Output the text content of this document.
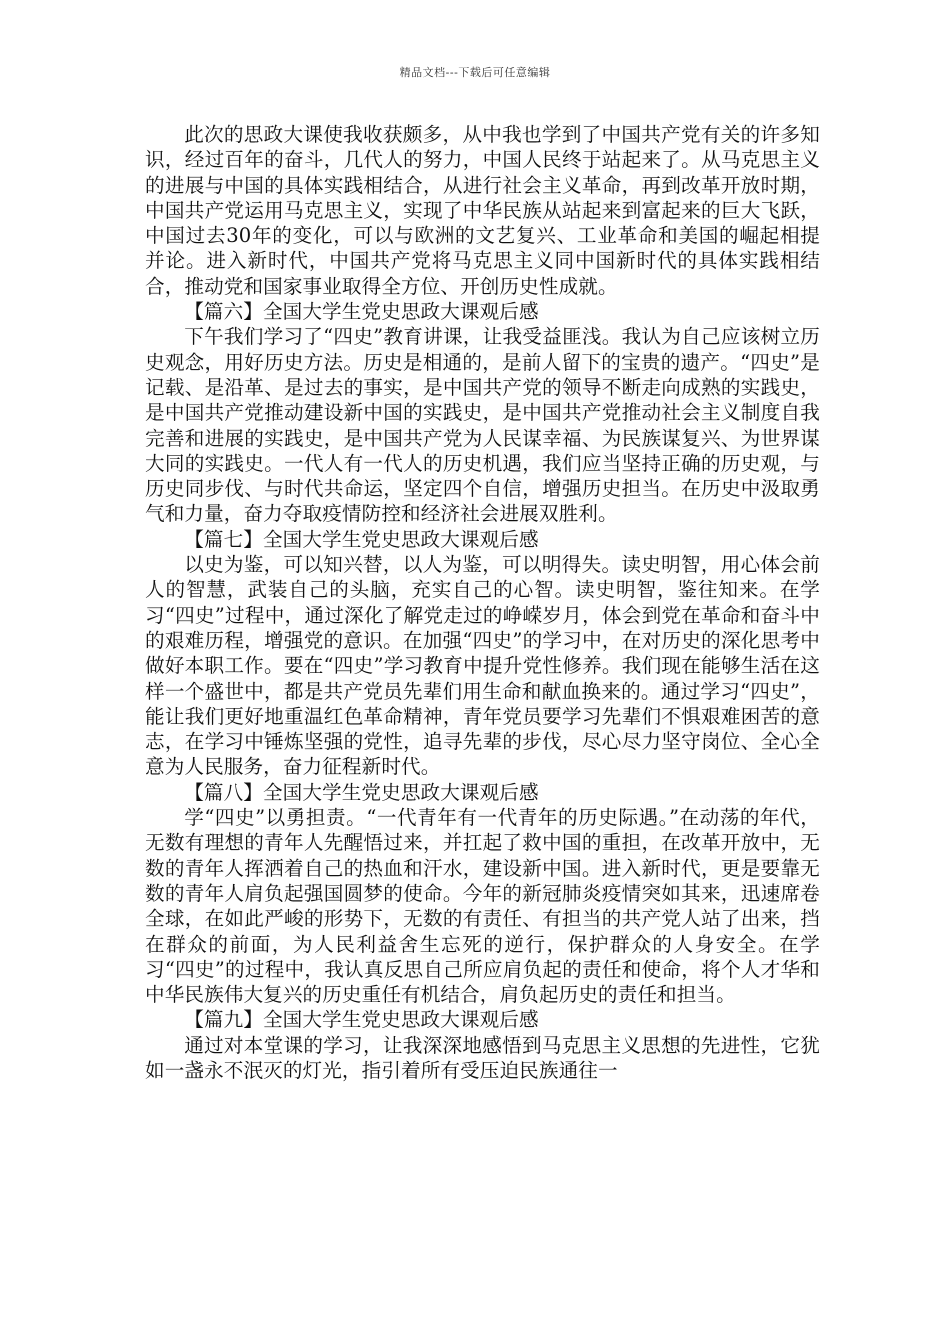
精品文档---下载后可任意编辑

此次的思政大课使我收获颇多，从中我也学到了中国共产党有关的许多知识，经过百年的奋斗，几代人的努力，中国人民终于站起来了。从马克思主义的进展与中国的具体实践相结合，从进行社会主义革命，再到改革开放时期，中国共产党运用马克思主义，实现了中华民族从站起来到富起来的巨大飞跃，中国过去30年的变化，可以与欧洲的文艺复兴、工业革命和美国的崛起相提并论。进入新时代，中国共产党将马克思主义同中国新时代的具体实践相结合，推动党和国家事业取得全方位、开创历史性成就。

【篇六】全国大学生党史思政大课观后感

下午我们学习了“四史”教育讲课，让我受益匪浅。我认为自己应该树立历史观念，用好历史方法。历史是相通的，是前人留下的宝贵的遗产。“四史”是记载、是沿革、是过去的事实，是中国共产党的领导不断走向成熟的实践史，是中国共产党推动建设新中国的实践史，是中国共产党推动社会主义制度自我完善和进展的实践史，是中国共产党为人民谋幸福、为民族谋复兴、为世界谋大同的实践史。一代人有一代人的历史机遇，我们应当坚持正确的历史观，与历史同步伐、与时代共命运，坚定四个自信，增强历史担当。在历史中汲取勇气和力量，奋力夺取疫情防控和经济社会进展双胜利。

【篇七】全国大学生党史思政大课观后感

以史为鉴，可以知兴替，以人为鉴，可以明得失。读史明智，用心体会前人的智慧，武装自己的头脑，充实自己的心智。读史明智，鉴往知来。在学习“四史”过程中，通过深化了解党走过的峥嵘岁月，体会到党在革命和奋斗中的艰难历程，增强党的意识。在加强“四史”的学习中，在对历史的深化思考中做好本职工作。要在“四史”学习教育中提升党性修养。我们现在能够生活在这样一个盛世中，都是共产党员先辈们用生命和献血换来的。通过学习“四史”，能让我们更好地重温红色革命精神，青年党员要学习先辈们不惧艰难困苦的意志，在学习中锤炼坚强的党性，追寻先辈的步伐，尽心尽力坚守岗位、全心全意为人民服务，奋力征程新时代。

【篇八】全国大学生党史思政大课观后感

学“四史”以勇担责。“一代青年有一代青年的历史际遇。”在动荡的年代，无数有理想的青年人先醒悟过来，并扛起了救中国的重担，在改革开放中，无数的青年人挥洒着自己的热血和汗水，建设新中国。进入新时代，更是要靠无数的青年人肩负起强国圆梦的使命。今年的新冠肺炎疫情突如其来，迅速席卷全球，在如此严峻的形势下，无数的有责任、有担当的共产党人站了出来，挡在群众的前面，为人民利益舍生忘死的逆行，保护群众的人身安全。在学习“四史”的过程中，我认真反思自己所应肩负起的责任和使命，将个人才华和中华民族伟大复兴的历史重任有机结合，肩负起历史的责任和担当。

【篇九】全国大学生党史思政大课观后感

通过对本堂课的学习，让我深深地感悟到马克思主义思想的先进性，它犹如一盏永不泯灭的灯光，指引着所有受压迫民族通往一
